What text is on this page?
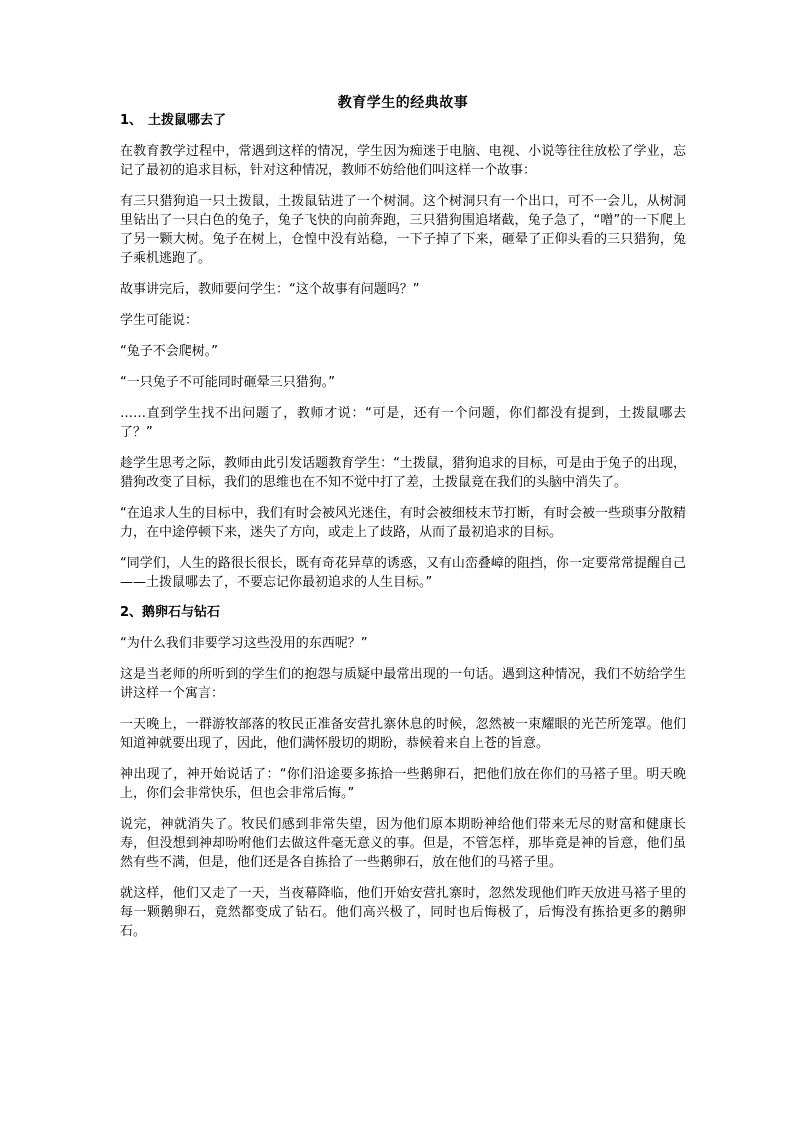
教育学生的经典故事
1、 土拨鼠哪去了

在教育教学过程中，常遇到这样的情况，学生因为痴迷于电脑、电视、小说等往往放松了学业，忘记了最初的追求目标，针对这种情况，教师不妨给他们叫这样一个故事：

有三只猎狗追一只土拨鼠，土拨鼠钻进了一个树洞。这个树洞只有一个出口，可不一会儿，从树洞里钻出了一只白色的兔子，兔子飞快的向前奔跑，三只猎狗围追堵截，兔子急了，“噌”的一下爬上了另一颗大树。兔子在树上，仓惶中没有站稳，一下子掉了下来，砸晕了正仰头看的三只猎狗，兔子乘机逃跑了。

故事讲完后，教师要问学生：“这个故事有问题吗？”

学生可能说：

“兔子不会爬树。”

“一只兔子不可能同时砸晕三只猎狗。”

……直到学生找不出问题了，教师才说：“可是，还有一个问题，你们都没有提到，土拨鼠哪去了？”

趁学生思考之际，教师由此引发话题教育学生：“土拨鼠，猎狗追求的目标，可是由于兔子的出现，猎狗改变了目标，我们的思维也在不知不觉中打了差，土拨鼠竟在我们的头脑中消失了。

“在追求人生的目标中，我们有时会被风光迷住，有时会被细枝末节打断，有时会被一些琐事分散精力，在中途停顿下来，迷失了方向，或走上了歧路，从而了最初追求的目标。

“同学们，人生的路很长很长，既有奇花异草的诱惑，又有山峦叠嶂的阻挡，你一定要常常提醒自己——土拨鼠哪去了，不要忘记你最初追求的人生目标。”

2、鹅卵石与钻石

“为什么我们非要学习这些没用的东西呢？”

这是当老师的所听到的学生们的抱怨与质疑中最常出现的一句话。遇到这种情况，我们不妨给学生讲这样一个寓言：

一天晚上，一群游牧部落的牧民正准备安营扎寨休息的时候，忽然被一束耀眼的光芒所笼罩。他们知道神就要出现了，因此，他们满怀殷切的期盼，恭候着来自上苍的旨意。

神出现了，神开始说话了：“你们沿途要多拣拾一些鹅卵石，把他们放在你们的马褡子里。明天晚上，你们会非常快乐，但也会非常后悔。”

说完，神就消失了。牧民们感到非常失望，因为他们原本期盼神给他们带来无尽的财富和健康长寿，但没想到神却吩咐他们去做这件毫无意义的事。但是，不管怎样，那毕竟是神的旨意，他们虽然有些不满，但是，他们还是各自拣拾了一些鹅卵石，放在他们的马褡子里。

就这样，他们又走了一天，当夜幕降临，他们开始安营扎寨时，忽然发现他们昨天放进马褡子里的每一颗鹅卵石，竟然都变成了钻石。他们高兴极了，同时也后悔极了，后悔没有拣拾更多的鹅卵石。
